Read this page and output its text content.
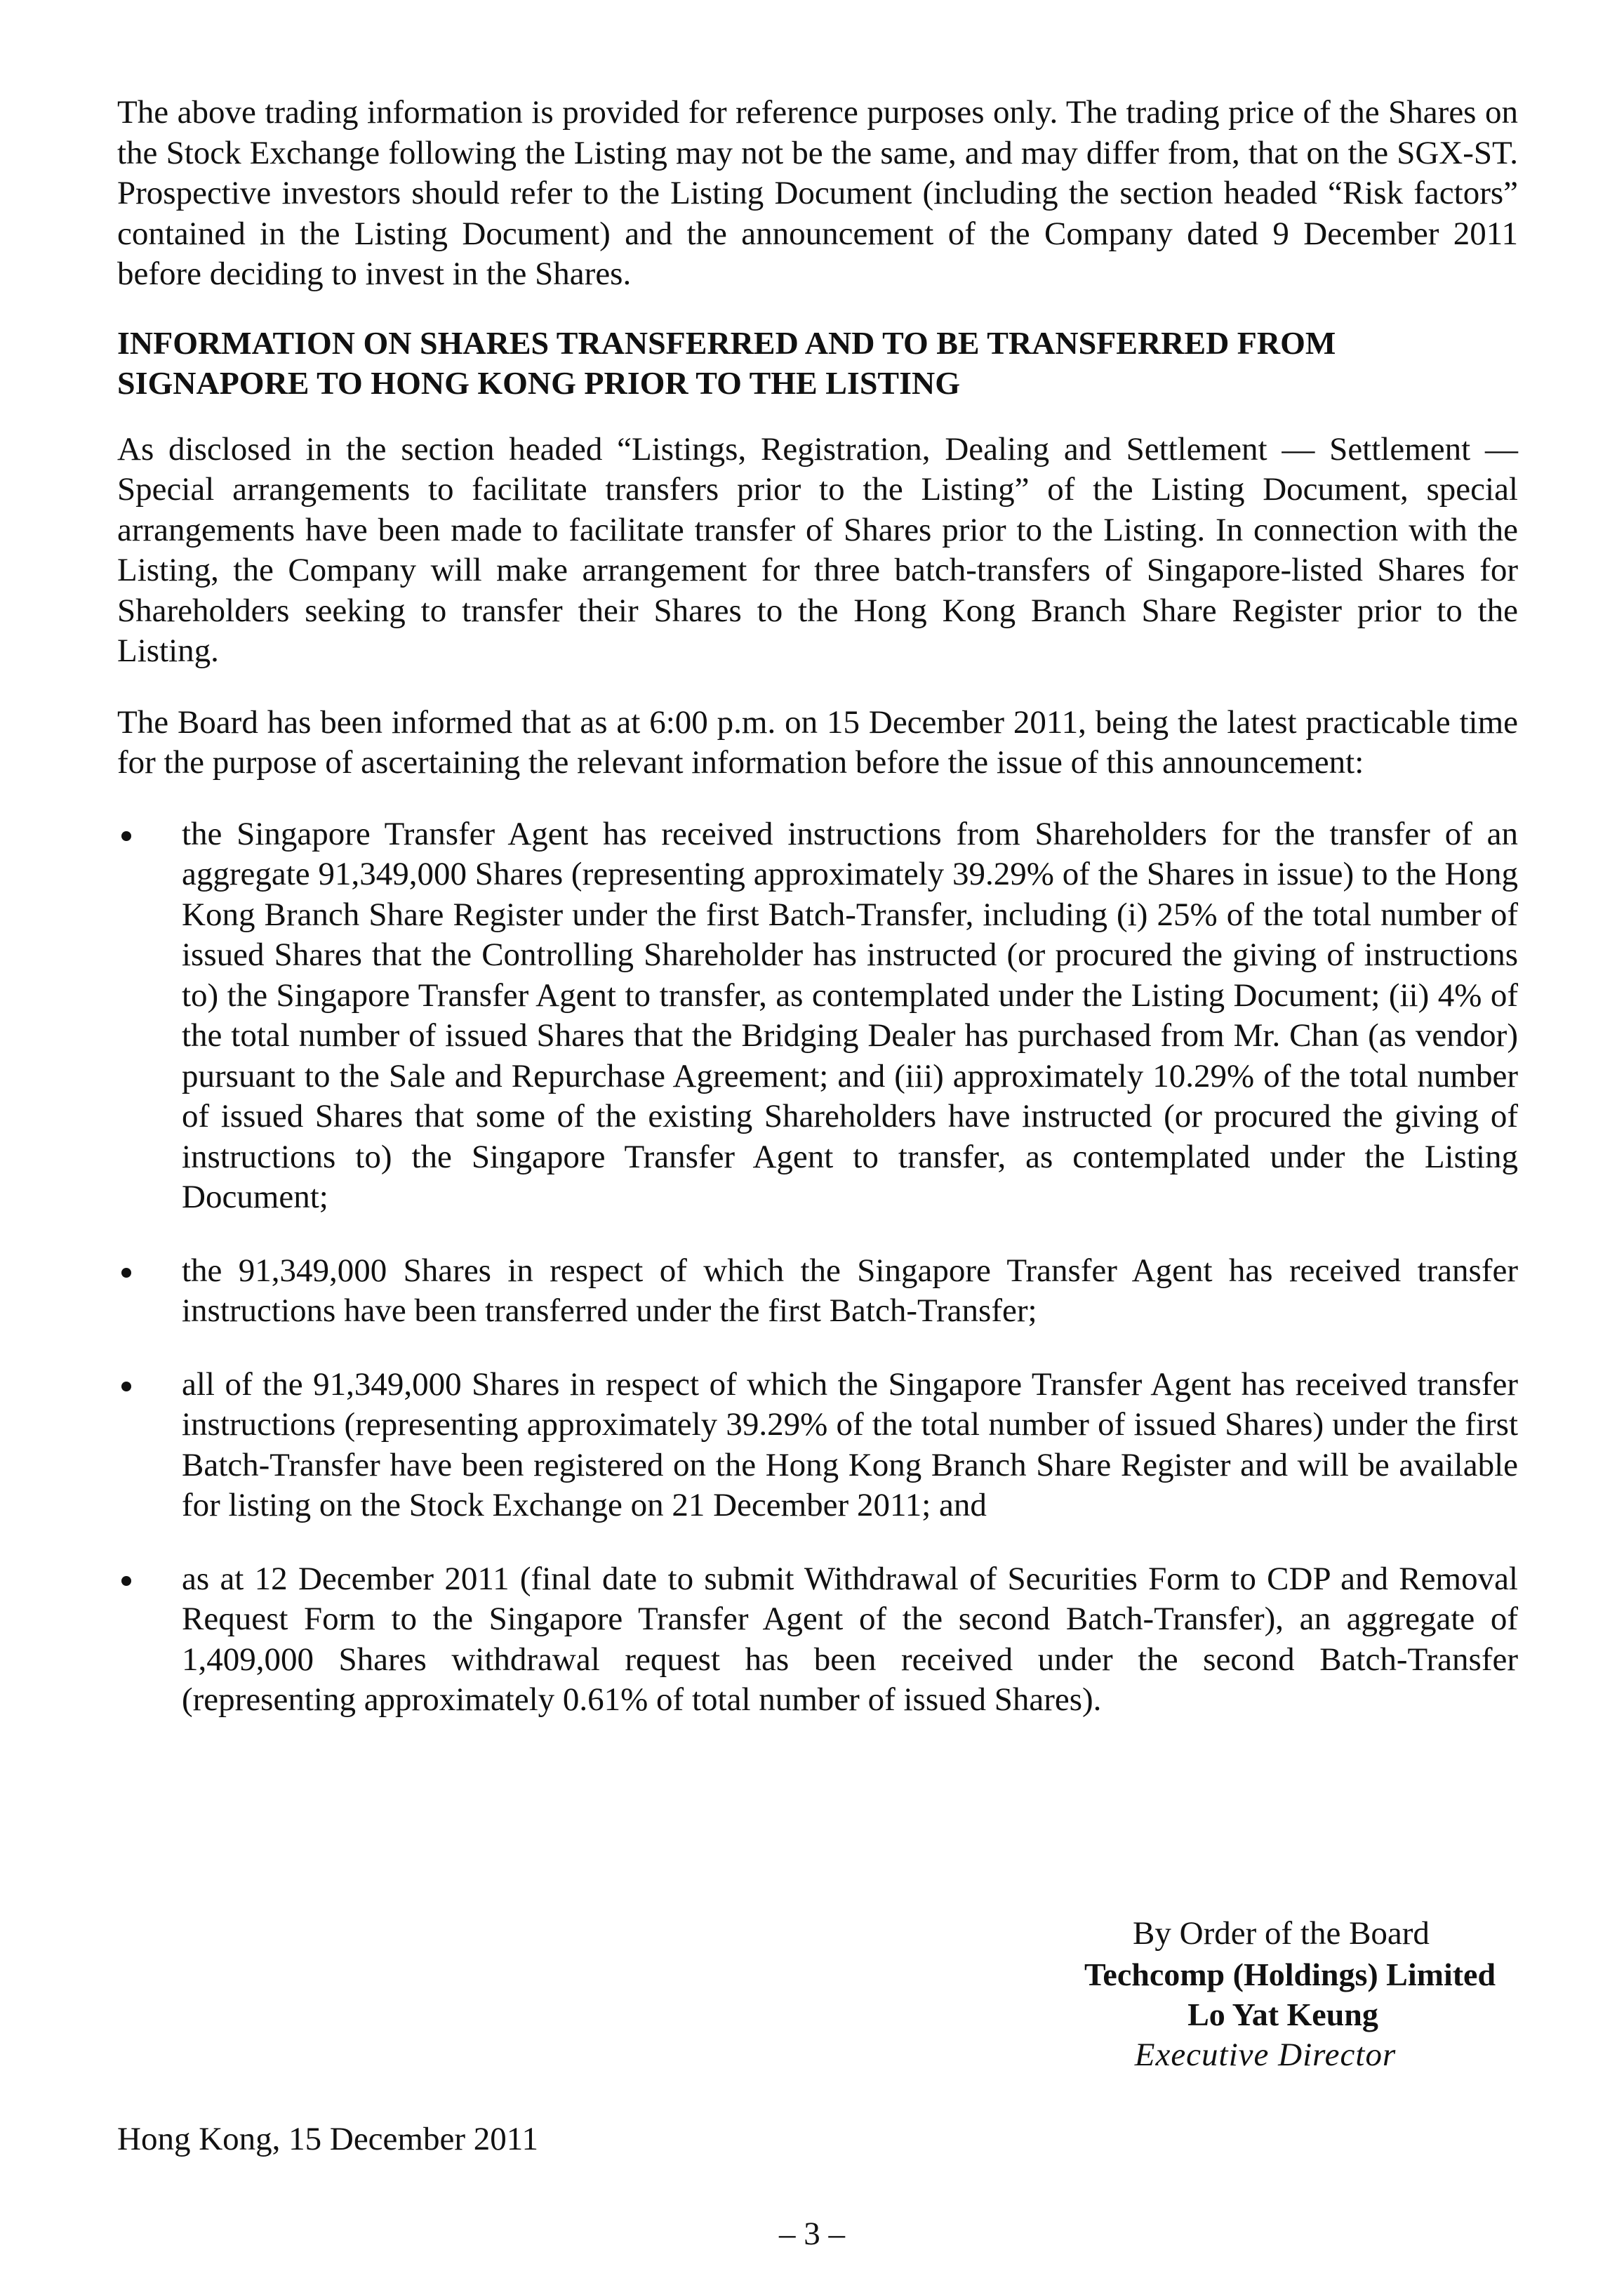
The above trading information is provided for reference purposes only. The trading price of the Shares on the Stock Exchange following the Listing may not be the same, and may differ from, that on the SGX-ST. Prospective investors should refer to the Listing Document (including the section headed “Risk factors” contained in the Listing Document) and the announcement of the Company dated 9 December 2011 before deciding to invest in the Shares.

INFORMATION ON SHARES TRANSFERRED AND TO BE TRANSFERRED FROM SIGNAPORE TO HONG KONG PRIOR TO THE LISTING

As disclosed in the section headed “Listings, Registration, Dealing and Settlement — Settlement — Special arrangements to facilitate transfers prior to the Listing” of the Listing Document, special arrangements have been made to facilitate transfer of Shares prior to the Listing. In connection with the Listing, the Company will make arrangement for three batch-transfers of Singapore-listed Shares for Shareholders seeking to transfer their Shares to the Hong Kong Branch Share Register prior to the Listing.

The Board has been informed that as at 6:00 p.m. on 15 December 2011, being the latest practicable time for the purpose of ascertaining the relevant information before the issue of this announcement:

the Singapore Transfer Agent has received instructions from Shareholders for the transfer of an aggregate 91,349,000 Shares (representing approximately 39.29% of the Shares in issue) to the Hong Kong Branch Share Register under the first Batch-Transfer, including (i) 25% of the total number of issued Shares that the Controlling Shareholder has instructed (or procured the giving of instructions to) the Singapore Transfer Agent to transfer, as contemplated under the Listing Document; (ii) 4% of the total number of issued Shares that the Bridging Dealer has purchased from Mr. Chan (as vendor) pursuant to the Sale and Repurchase Agreement; and (iii) approximately 10.29% of the total number of issued Shares that some of the existing Shareholders have instructed (or procured the giving of instructions to) the Singapore Transfer Agent to transfer, as contemplated under the Listing Document;
the 91,349,000 Shares in respect of which the Singapore Transfer Agent has received transfer instructions have been transferred under the first Batch-Transfer;
all of the 91,349,000 Shares in respect of which the Singapore Transfer Agent has received transfer instructions (representing approximately 39.29% of the total number of issued Shares) under the first Batch-Transfer have been registered on the Hong Kong Branch Share Register and will be available for listing on the Stock Exchange on 21 December 2011; and
as at 12 December 2011 (final date to submit Withdrawal of Securities Form to CDP and Removal Request Form to the Singapore Transfer Agent of the second Batch-Transfer), an aggregate of 1,409,000 Shares withdrawal request has been received under the second Batch-Transfer (representing approximately 0.61% of total number of issued Shares).
By Order of the Board
Techcomp (Holdings) Limited
Lo Yat Keung
Executive Director
Hong Kong, 15 December 2011
– 3 –
